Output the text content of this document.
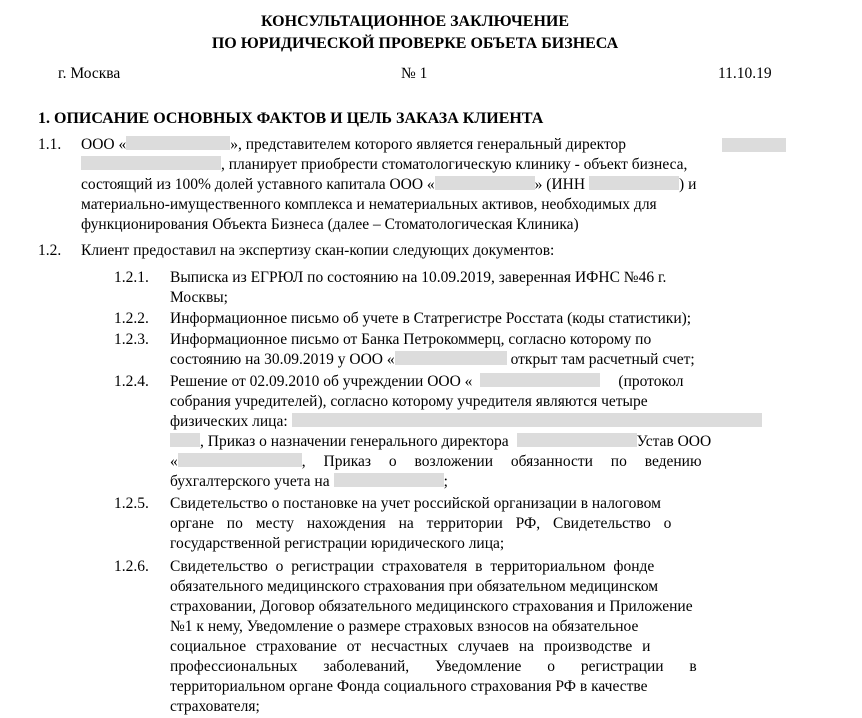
КОНСУЛЬТАЦИОННОЕ ЗАКЛЮЧЕНИЕ
ПО ЮРИДИЧЕСКОЙ ПРОВЕРКЕ ОБЪЕТА БИЗНЕСА
г. Москва	№ 1	11.10.19
1. ОПИСАНИЕ ОСНОВНЫХ ФАКТОВ И ЦЕЛЬ ЗАКАЗА КЛИЕНТА
1.1. ООО «	», представителем которого является генеральный директор
, планирует приобрести стоматологическую клинику - объект бизнеса,
состоящий из 100% долей уставного капитала ООО «	» (ИНН	) и
материально-имущественного комплекса и нематериальных активов, необходимых для
функционирования Объекта Бизнеса (далее – Стоматологическая Клиника)
1.2. Клиент предоставил на экспертизу скан-копии следующих документов:
1.2.1. Выписка из ЕГРЮЛ по состоянию на 10.09.2019, заверенная ИФНС №46 г.
Москвы;
1.2.2. Информационное письмо об учете в Статрегистре Росстата (коды статистики);
1.2.3. Информационное письмо от Банка Петрокоммерц, согласно которому по
состоянию на 30.09.2019 у ООО «	открыт там расчетный счет;
1.2.4. Решение от 02.09.2010 об учреждении ООО «	(протокол
собрания учредителей), согласно которому учредителя являются четыре
физических лица:
, Приказ о назначении генерального директора	Устав ООО
«	, Приказ о возложении обязанности по ведению
бухгалтерского учета на	;
1.2.5. Свидетельство о постановке на учет российской организации в налоговом
органе по месту нахождения на территории РФ, Свидетельство о
государственной регистрации юридического лица;
1.2.6. Свидетельство о регистрации страхователя в территориальном фонде
обязательного медицинского страхования при обязательном медицинском
страховании, Договор обязательного медицинского страхования и Приложение
№1 к нему, Уведомление о размере страховых взносов на обязательное
социальное страхование от несчастных случаев на производстве и
профессиональных заболеваний, Уведомление о регистрации в
территориальном органе Фонда социального страхования РФ в качестве
страхователя;
